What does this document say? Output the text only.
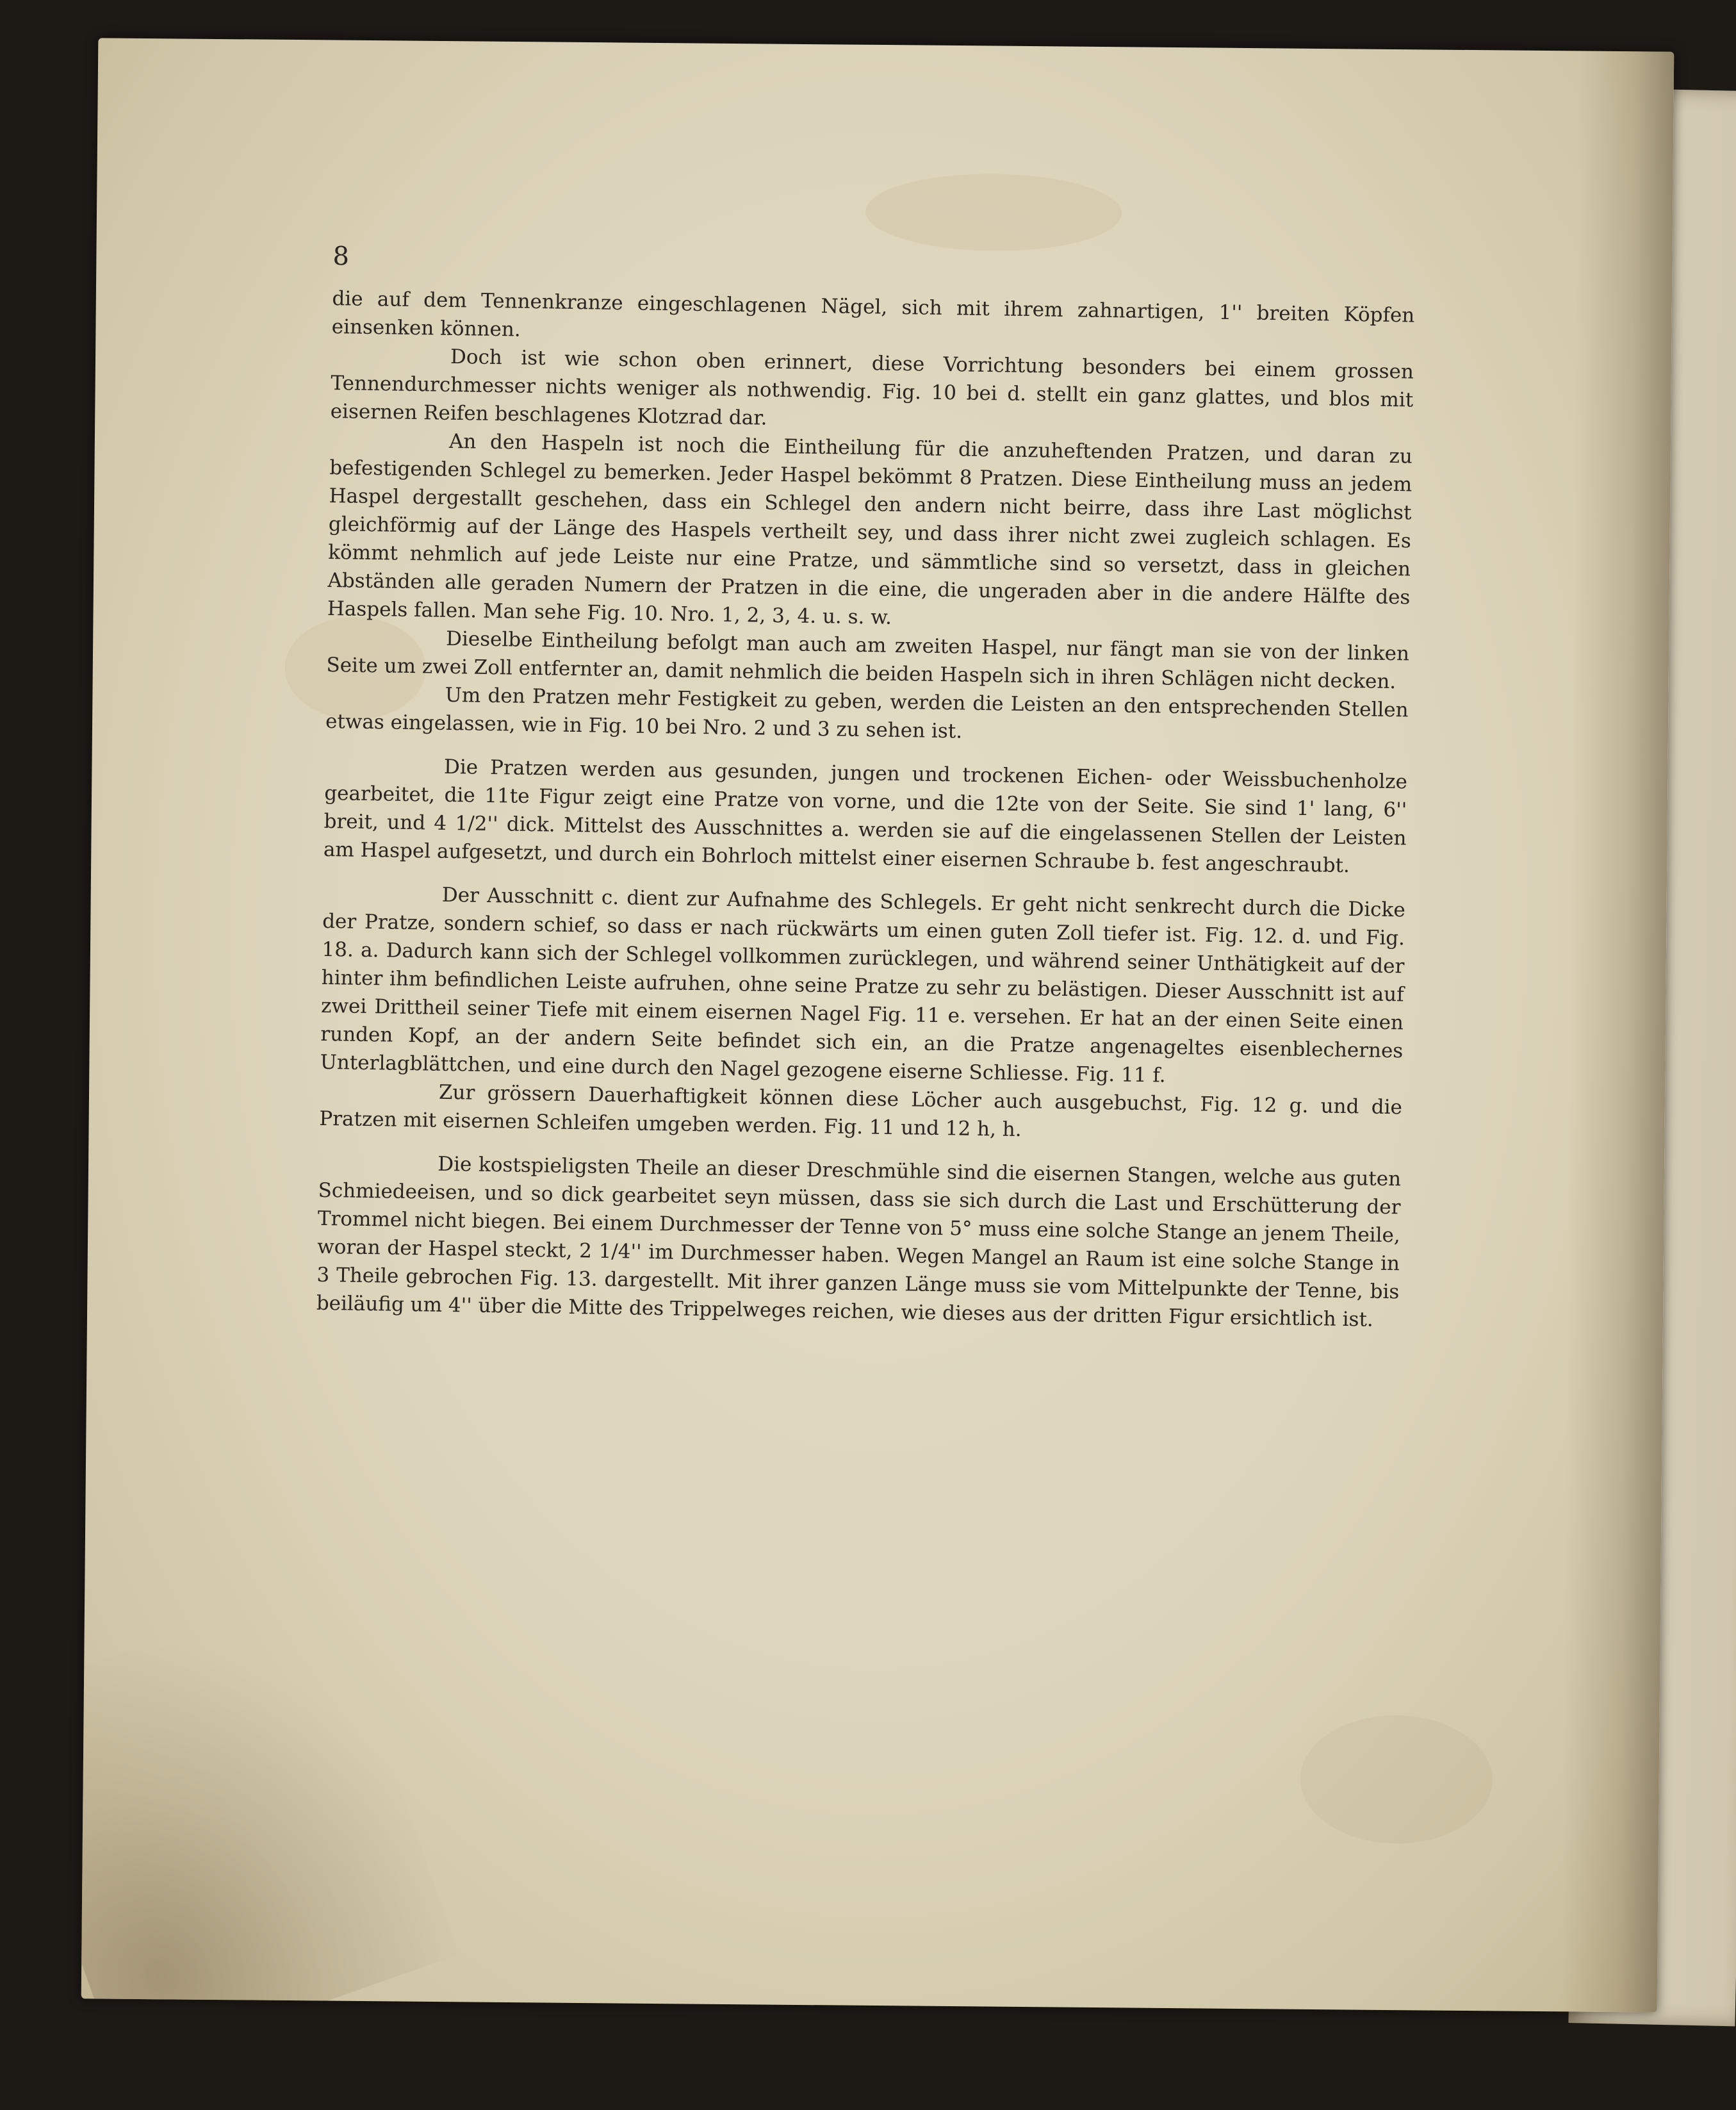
8

die auf dem Tennenkranze eingeschlagenen Nägel, sich mit ihrem zahnartigen, 1'' breiten Köpfen einsenken können.

Doch ist wie schon oben erinnert, diese Vorrichtung besonders bei einem grossen Tennendurchmesser nichts weniger als nothwendig. Fig. 10 bei d. stellt ein ganz glattes, und blos mit eisernen Reifen beschlagenes Klotzrad dar.

An den Haspeln ist noch die Eintheilung für die anzuheftenden Pratzen, und daran zu befestigenden Schlegel zu bemerken. Jeder Haspel bekömmt 8 Pratzen. Diese Eintheilung muss an jedem Haspel dergestallt geschehen, dass ein Schlegel den andern nicht beirre, dass ihre Last möglichst gleichförmig auf der Länge des Haspels vertheilt sey, und dass ihrer nicht zwei zugleich schlagen. Es kömmt nehmlich auf jede Leiste nur eine Pratze, und sämmtliche sind so versetzt, dass in gleichen Abständen alle geraden Numern der Pratzen in die eine, die ungeraden aber in die andere Hälfte des Haspels fallen. Man sehe Fig. 10. Nro. 1, 2, 3, 4. u. s. w.

Dieselbe Eintheilung befolgt man auch am zweiten Haspel, nur fängt man sie von der linken Seite um zwei Zoll entfernter an, damit nehmlich die beiden Haspeln sich in ihren Schlägen nicht decken.

Um den Pratzen mehr Festigkeit zu geben, werden die Leisten an den entsprechenden Stellen etwas eingelassen, wie in Fig. 10 bei Nro. 2 und 3 zu sehen ist.

Die Pratzen werden aus gesunden, jungen und trockenen Eichen- oder Weissbuchenholze gearbeitet, die 11te Figur zeigt eine Pratze von vorne, und die 12te von der Seite. Sie sind 1' lang, 6'' breit, und 4 1/2'' dick. Mittelst des Ausschnittes a. werden sie auf die eingelassenen Stellen der Leisten am Haspel aufgesetzt, und durch ein Bohrloch mittelst einer eisernen Schraube b. fest angeschraubt.

Der Ausschnitt c. dient zur Aufnahme des Schlegels. Er geht nicht senkrecht durch die Dicke der Pratze, sondern schief, so dass er nach rückwärts um einen guten Zoll tiefer ist. Fig. 12. d. und Fig. 18. a. Dadurch kann sich der Schlegel vollkommen zurücklegen, und während seiner Unthätigkeit auf der hinter ihm befindlichen Leiste aufruhen, ohne seine Pratze zu sehr zu belästigen. Dieser Ausschnitt ist auf zwei Drittheil seiner Tiefe mit einem eisernen Nagel Fig. 11 e. versehen. Er hat an der einen Seite einen runden Kopf, an der andern Seite befindet sich ein, an die Pratze angenageltes eisenblechernes Unterlagblättchen, und eine durch den Nagel gezogene eiserne Schliesse. Fig. 11 f.

Zur grössern Dauerhaftigkeit können diese Löcher auch ausgebuchst, Fig. 12 g. und die Pratzen mit eisernen Schleifen umgeben werden. Fig. 11 und 12 h, h.

Die kostspieligsten Theile an dieser Dreschmühle sind die eisernen Stangen, welche aus guten Schmiedeeisen, und so dick gearbeitet seyn müssen, dass sie sich durch die Last und Erschütterung der Trommel nicht biegen. Bei einem Durchmesser der Tenne von 5° muss eine solche Stange an jenem Theile, woran der Haspel steckt, 2 1/4'' im Durchmesser haben. Wegen Mangel an Raum ist eine solche Stange in 3 Theile gebrochen Fig. 13. dargestellt. Mit ihrer ganzen Länge muss sie vom Mittelpunkte der Tenne, bis beiläufig um 4'' über die Mitte des Trippelweges reichen, wie dieses aus der dritten Figur ersichtlich ist.
